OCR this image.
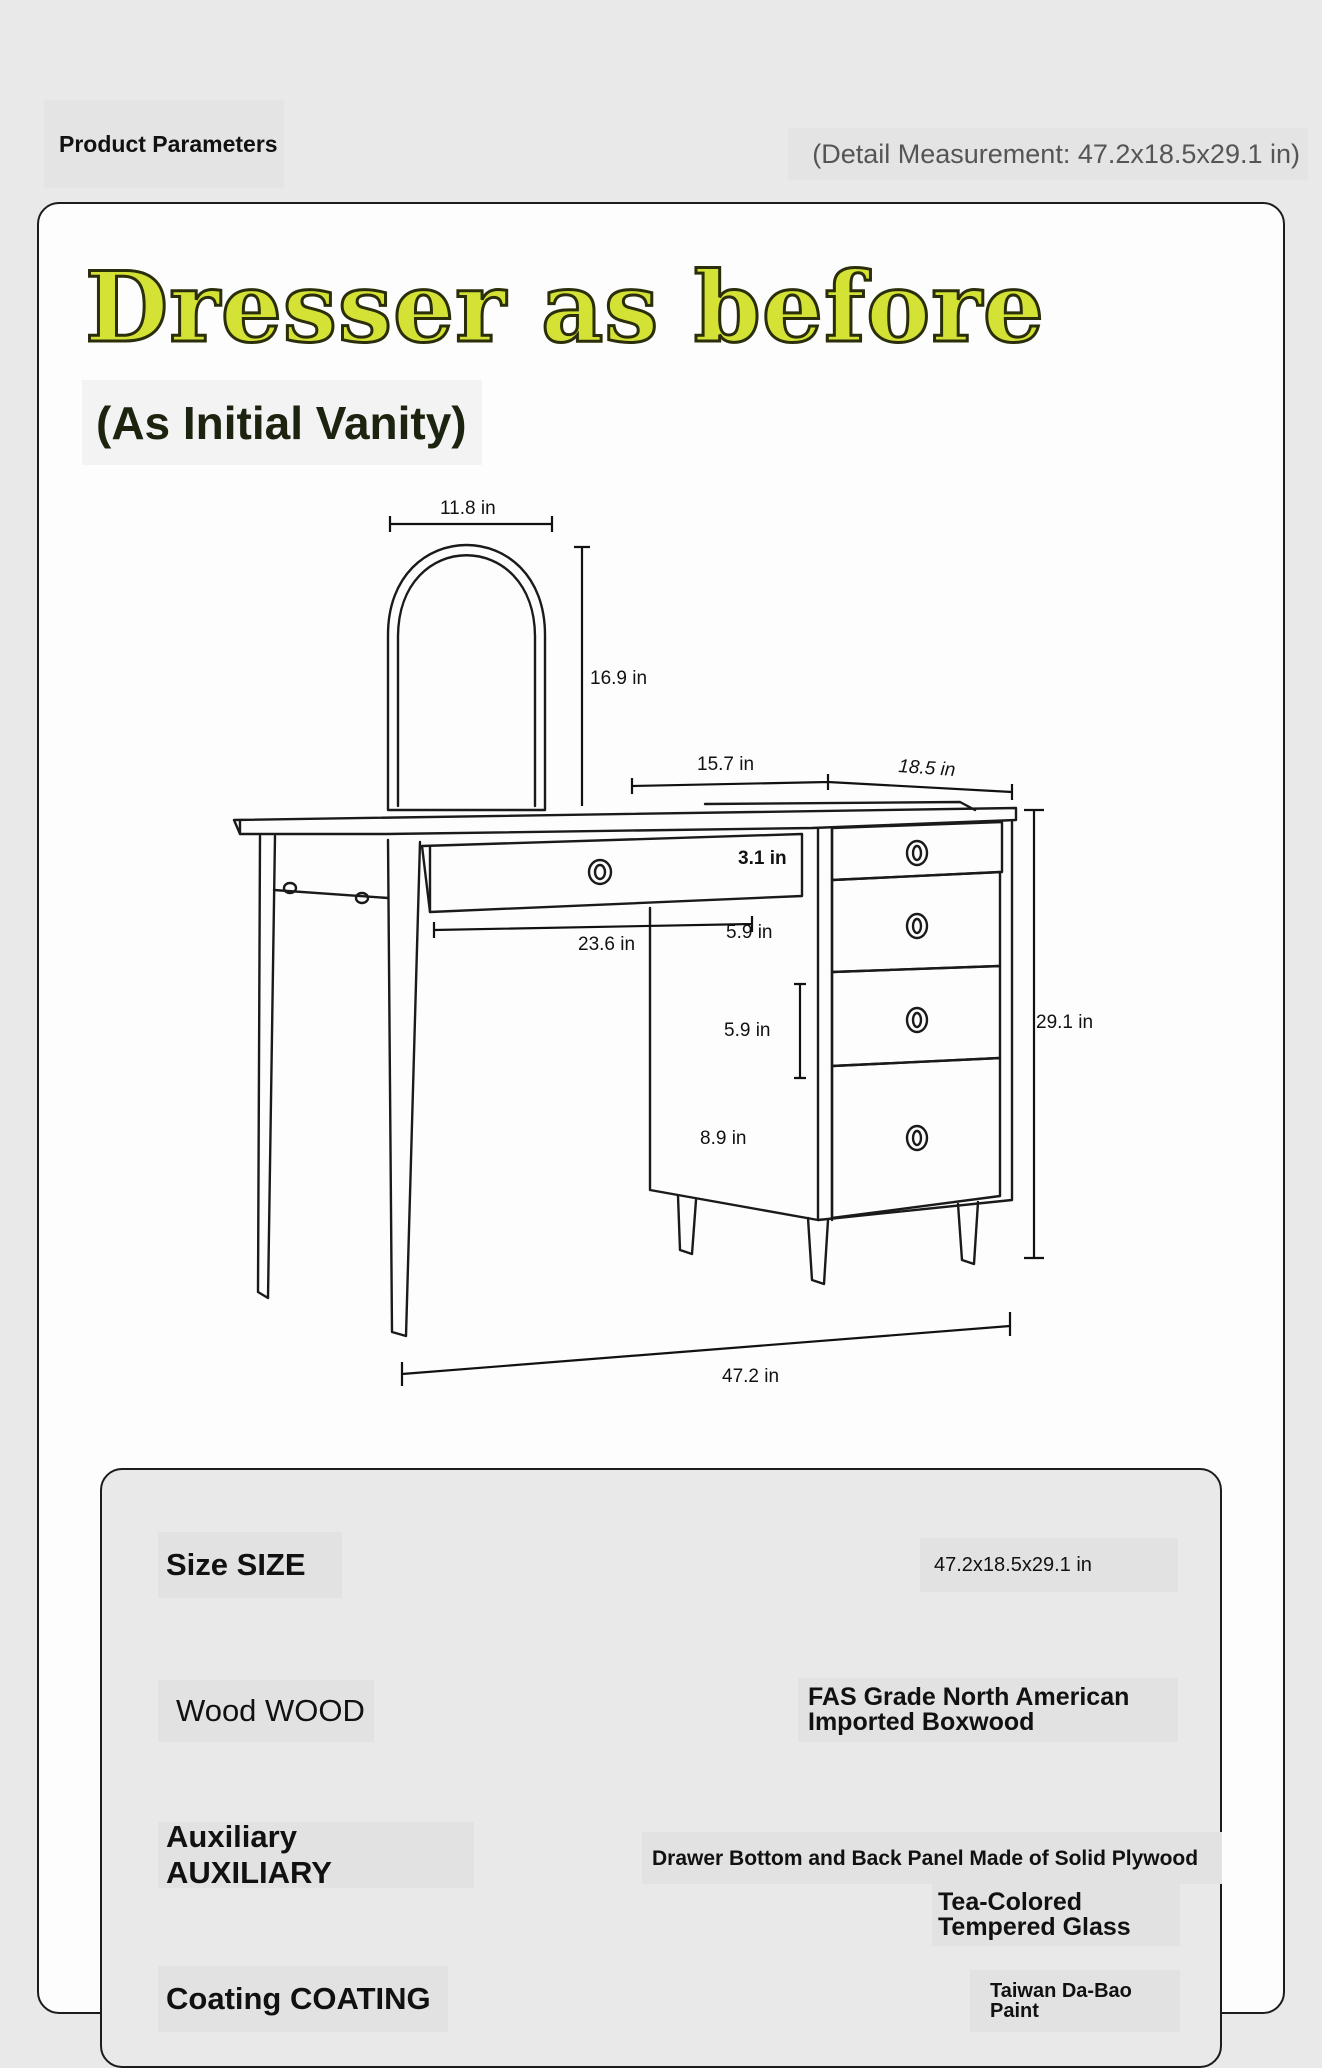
Product Parameters	(Detail Measurement: 47.2x18.5x29.1 in)
Dresser as before
(As Initial Vanity)
11.8 in
16.9 in
15.7 in	18.5 in
3.1 in
5.9 in
5.9 in
8.9 in
29.1 in
23.6 in
47.2 in
Size SIZE	47.2x18.5x29.1 in
Wood WOOD	FAS Grade North American
Imported Boxwood
Auxiliary AUXILIARY	Drawer Bottom and Back Panel Made of Solid Plywood
Tea-Colored
Tempered Glass
Coating COATING	Taiwan Da-Bao Paint
